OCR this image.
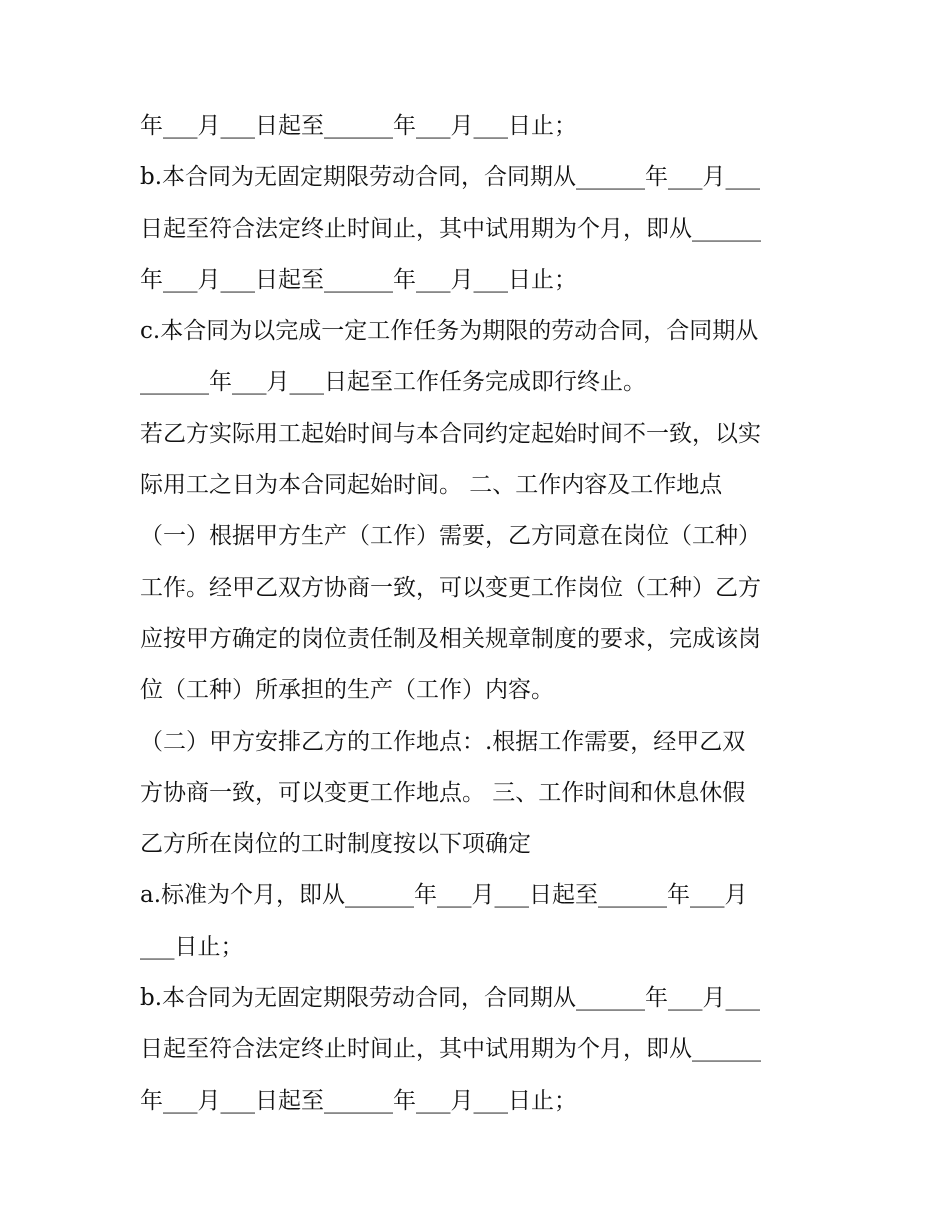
年___月___日起至______年___月___日止；
b.本合同为无固定期限劳动合同，合同期从______年___月___
日起至符合法定终止时间止，其中试用期为个月，即从______
年___月___日起至______年___月___日止；
c.本合同为以完成一定工作任务为期限的劳动合同，合同期从
______年___月___日起至工作任务完成即行终止。
若乙方实际用工起始时间与本合同约定起始时间不一致，以实
际用工之日为本合同起始时间。 二、工作内容及工作地点
（一）根据甲方生产（工作）需要，乙方同意在岗位（工种）
工作。经甲乙双方协商一致，可以变更工作岗位（工种）乙方
应按甲方确定的岗位责任制及相关规章制度的要求，完成该岗
位（工种）所承担的生产（工作）内容。
（二）甲方安排乙方的工作地点：.根据工作需要，经甲乙双
方协商一致，可以变更工作地点。 三、工作时间和休息休假
乙方所在岗位的工时制度按以下项确定
a.标准为个月，即从______年___月___日起至______年___月
___日止；
b.本合同为无固定期限劳动合同，合同期从______年___月___
日起至符合法定终止时间止，其中试用期为个月，即从______
年___月___日起至______年___月___日止；
